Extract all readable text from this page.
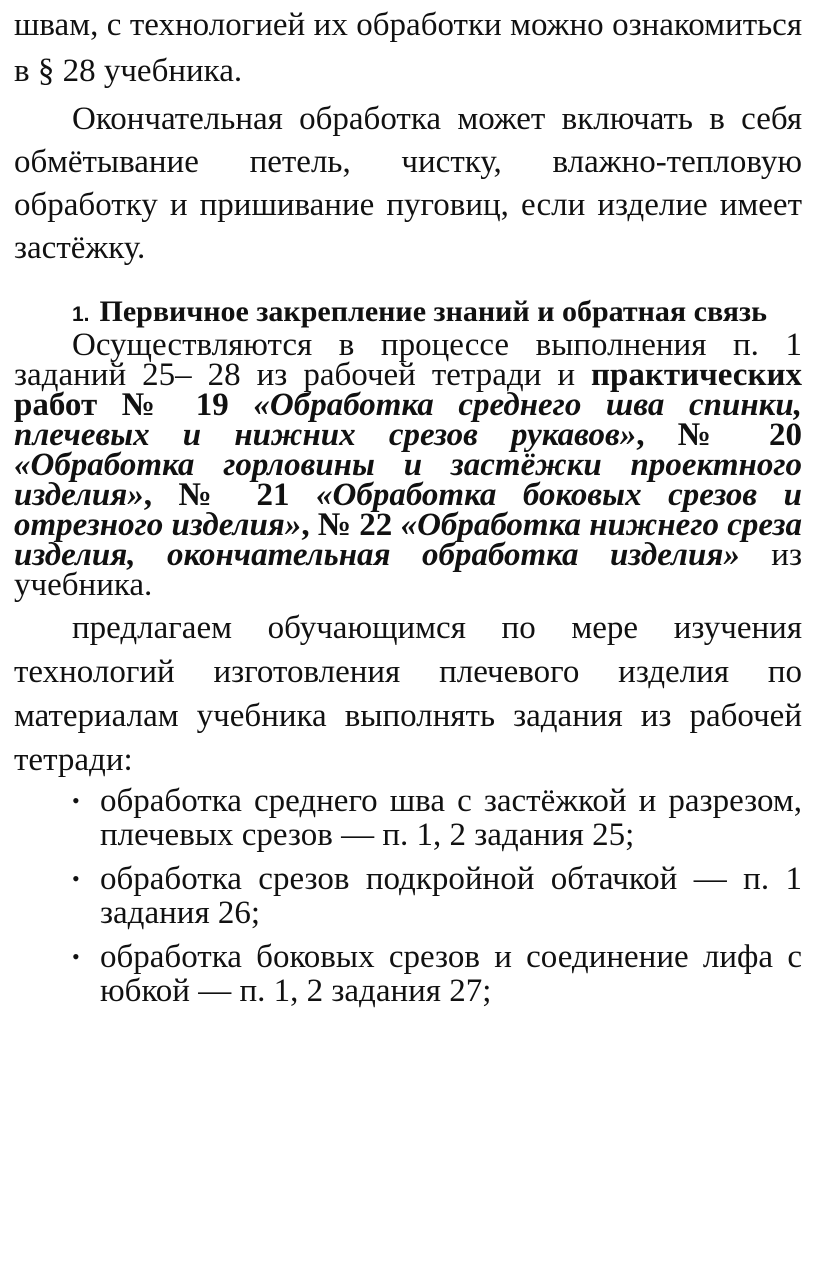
швам, с технологией их обработки можно ознакомиться в § 28 учебника.

Окончательная обработка может включать в себя обмётывание петель, чистку, влажно-тепловую обработку и пришивание пуговиц, если изделие имеет застёжку.

1. Первичное закрепление знаний и обратная связь

Осуществляются в процессе выполнения п. 1 заданий 25– 28 из рабочей тетради и практических работ № 19 «Обработка среднего шва спинки, плечевых и нижних срезов рукавов», № 20 «Обработка горловины и застёжки проектного изделия», № 21 «Обработка боковых срезов и отрезного изделия», № 22 «Обработка нижнего среза изделия, окончательная обработка изделия» из учебника.

предлагаем обучающимся по мере изучения технологий изготовления плечевого изделия по материалам учебника выполнять задания из рабочей тетради:

• обработка среднего шва с застёжкой и разрезом, плечевых срезов — п. 1, 2 задания 25;
• обработка срезов подкройной обтачкой — п. 1 задания 26;
• обработка боковых срезов и соединение лифа с юбкой — п. 1, 2 задания 27;
